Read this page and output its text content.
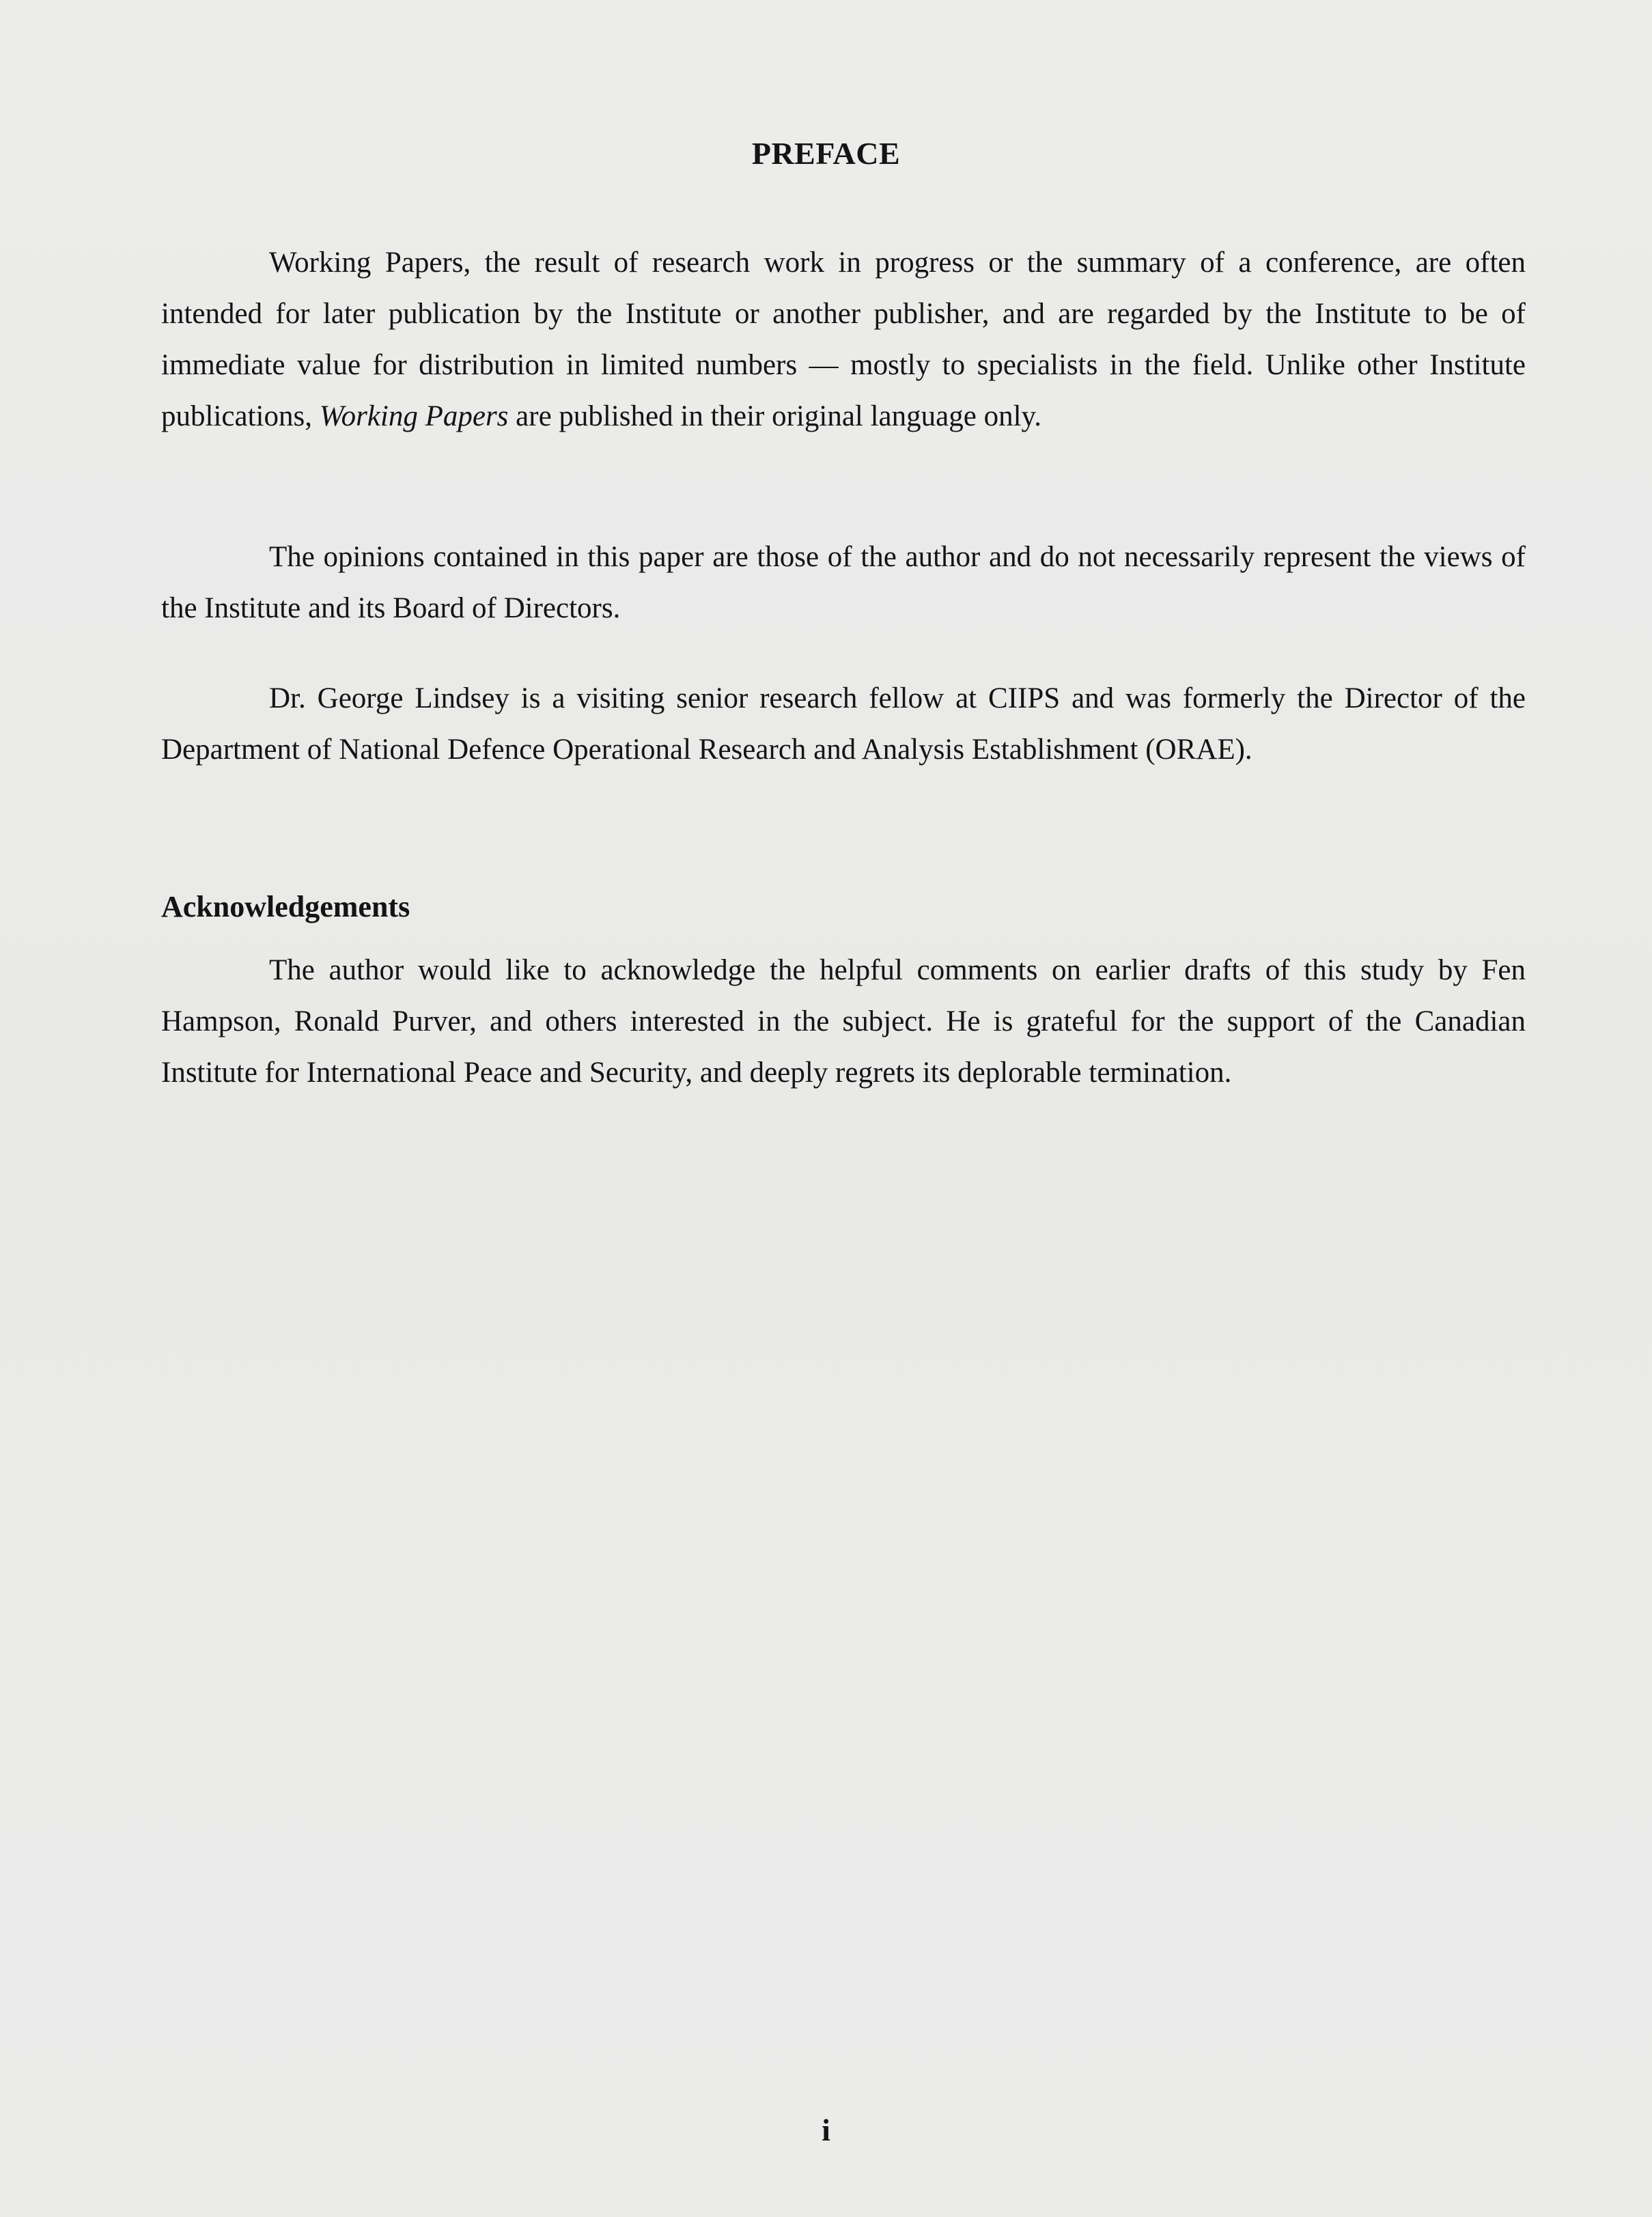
PREFACE

Working Papers, the result of research work in progress or the summary of a conference, are often intended for later publication by the Institute or another publisher, and are regarded by the Institute to be of immediate value for distribution in limited numbers — mostly to specialists in the field. Unlike other Institute publications, Working Papers are published in their original language only.

The opinions contained in this paper are those of the author and do not necessarily represent the views of the Institute and its Board of Directors.

Dr. George Lindsey is a visiting senior research fellow at CIIPS and was formerly the Director of the Department of National Defence Operational Research and Analysis Establishment (ORAE).

Acknowledgements

The author would like to acknowledge the helpful comments on earlier drafts of this study by Fen Hampson, Ronald Purver, and others interested in the subject. He is grateful for the support of the Canadian Institute for International Peace and Security, and deeply regrets its deplorable termination.

i
